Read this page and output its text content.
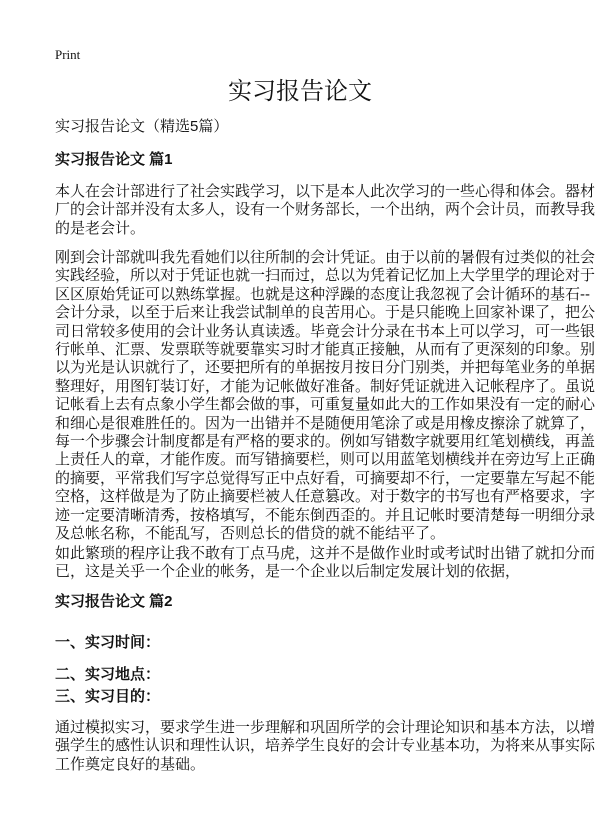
Print
实习报告论文
实习报告论文（精选5篇）
实习报告论文 篇1
本人在会计部进行了社会实践学习，以下是本人此次学习的一些心得和体会。器材
厂的会计部并没有太多人，设有一个财务部长，一个出纳，两个会计员，而教导我
的是老会计。
刚到会计部就叫我先看她们以往所制的会计凭证。由于以前的暑假有过类似的社会
实践经验，所以对于凭证也就一扫而过，总以为凭着记忆加上大学里学的理论对于
区区原始凭证可以熟练掌握。也就是这种浮躁的态度让我忽视了会计循环的基石--
会计分录，以至于后来让我尝试制单的良苦用心。于是只能晚上回家补课了，把公
司日常较多使用的会计业务认真读透。毕竟会计分录在书本上可以学习，可一些银
行帐单、汇票、发票联等就要靠实习时才能真正接触，从而有了更深刻的印象。别
以为光是认识就行了，还要把所有的单据按月按日分门别类，并把每笔业务的单据
整理好，用图钉装订好，才能为记帐做好准备。制好凭证就进入记帐程序了。虽说
记帐看上去有点象小学生都会做的事，可重复量如此大的工作如果没有一定的耐心
和细心是很难胜任的。因为一出错并不是随便用笔涂了或是用橡皮擦涂了就算了，
每一个步骤会计制度都是有严格的要求的。例如写错数字就要用红笔划横线，再盖
上责任人的章，才能作废。而写错摘要栏，则可以用蓝笔划横线并在旁边写上正确
的摘要，平常我们写字总觉得写正中点好看，可摘要却不行，一定要靠左写起不能
空格，这样做是为了防止摘要栏被人任意篡改。对于数字的书写也有严格要求，字
迹一定要清晰清秀，按格填写，不能东倒西歪的。并且记帐时要清楚每一明细分录
及总帐名称，不能乱写，否则总长的借贷的就不能结平了。
如此繁琐的程序让我不敢有丁点马虎，这并不是做作业时或考试时出错了就扣分而
已，这是关乎一个企业的帐务，是一个企业以后制定发展计划的依据，
实习报告论文 篇2
一、实习时间：
二、实习地点：
三、实习目的：
通过模拟实习，要求学生进一步理解和巩固所学的会计理论知识和基本方法，以增
强学生的感性认识和理性认识，培养学生良好的会计专业基本功，为将来从事实际
工作奠定良好的基础。
